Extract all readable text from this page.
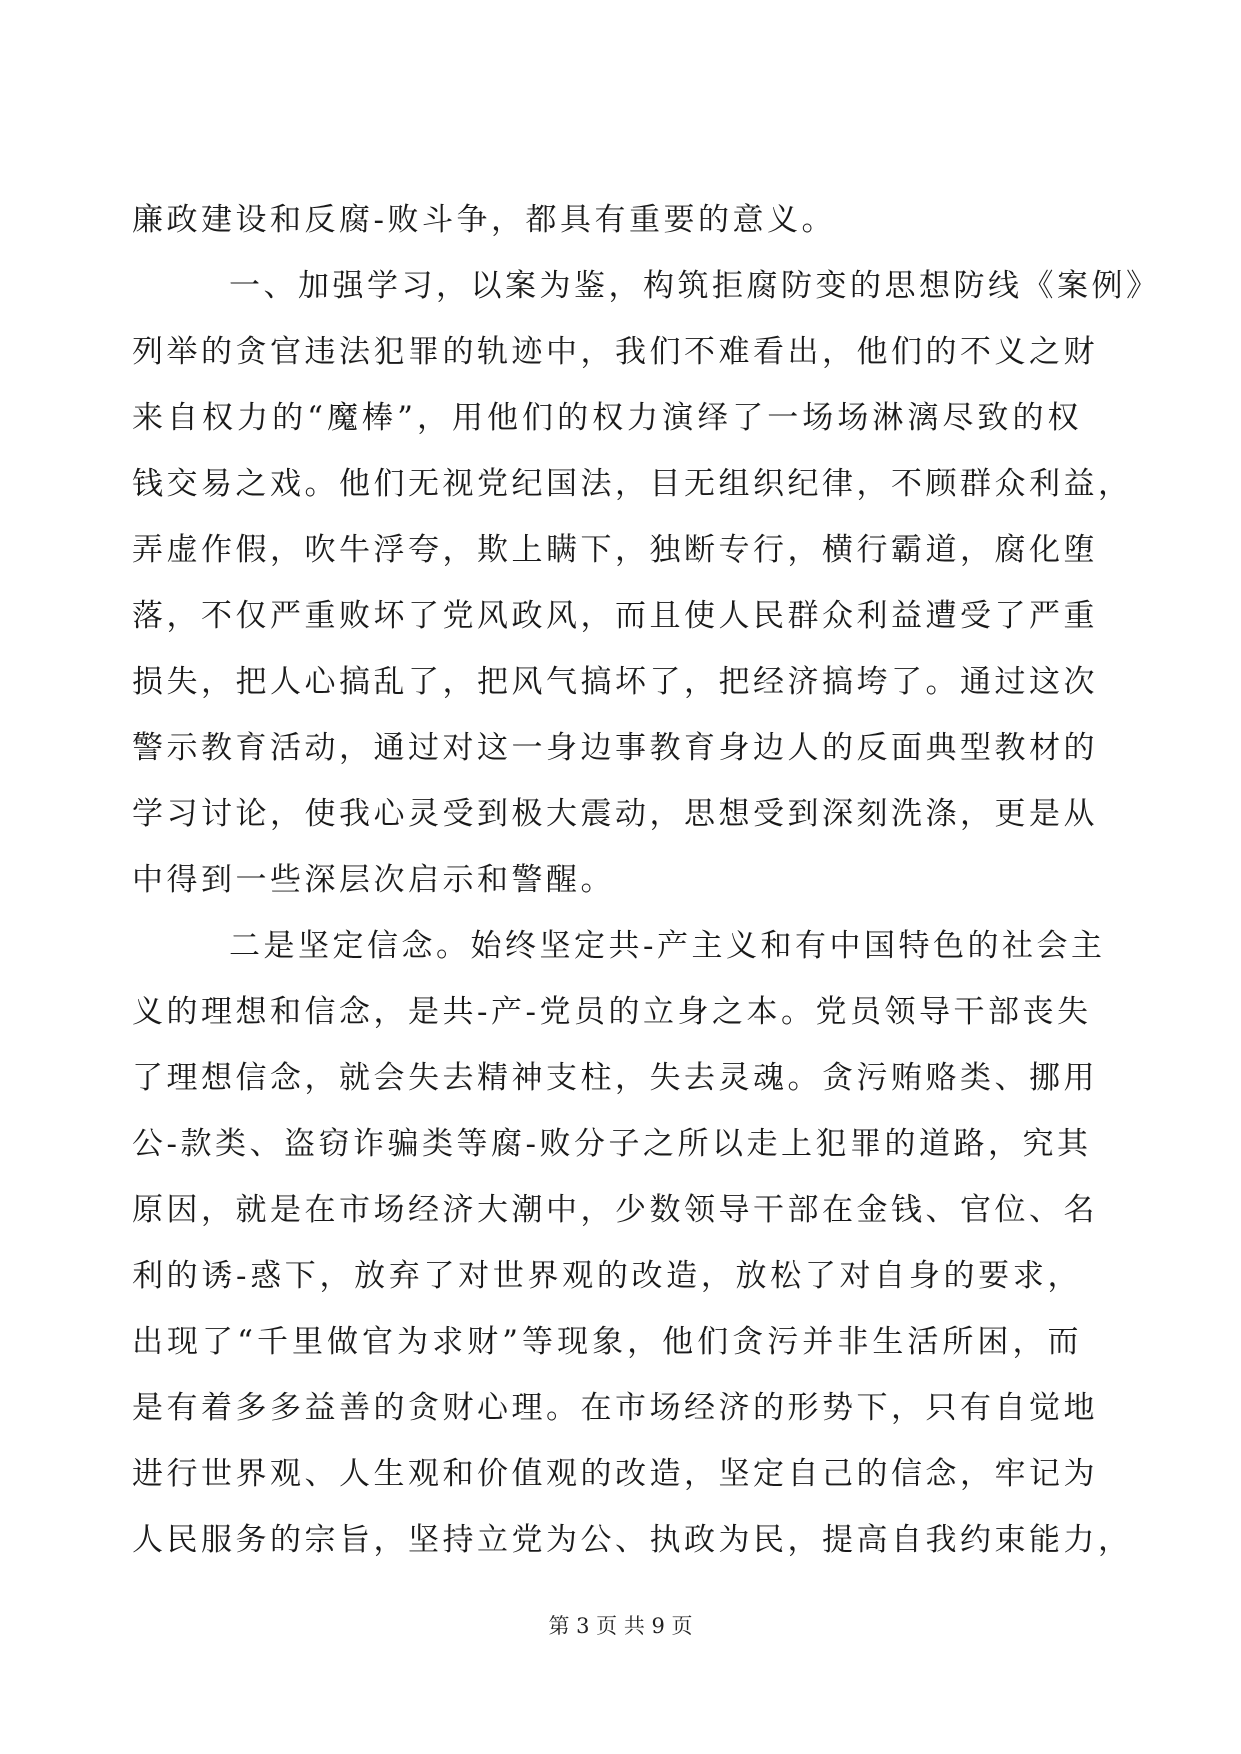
廉政建设和反腐-败斗争，都具有重要的意义。
一、加强学习，以案为鉴，构筑拒腐防变的思想防线《案例》
列举的贪官违法犯罪的轨迹中，我们不难看出，他们的不义之财
来自权力的“魔棒”，用他们的权力演绎了一场场淋漓尽致的权
钱交易之戏。他们无视党纪国法，目无组织纪律，不顾群众利益，
弄虚作假，吹牛浮夸，欺上瞒下，独断专行，横行霸道，腐化堕
落，不仅严重败坏了党风政风，而且使人民群众利益遭受了严重
损失，把人心搞乱了，把风气搞坏了，把经济搞垮了。通过这次
警示教育活动，通过对这一身边事教育身边人的反面典型教材的
学习讨论，使我心灵受到极大震动，思想受到深刻洗涤，更是从
中得到一些深层次启示和警醒。
二是坚定信念。始终坚定共-产主义和有中国特色的社会主
义的理想和信念，是共-产-党员的立身之本。党员领导干部丧失
了理想信念，就会失去精神支柱，失去灵魂。贪污贿赂类、挪用
公-款类、盗窃诈骗类等腐-败分子之所以走上犯罪的道路，究其
原因，就是在市场经济大潮中，少数领导干部在金钱、官位、名
利的诱-惑下，放弃了对世界观的改造，放松了对自身的要求，
出现了“千里做官为求财”等现象，他们贪污并非生活所困，而
是有着多多益善的贪财心理。在市场经济的形势下，只有自觉地
进行世界观、人生观和价值观的改造，坚定自己的信念，牢记为
人民服务的宗旨，坚持立党为公、执政为民，提高自我约束能力，
第 3 页 共 9 页
